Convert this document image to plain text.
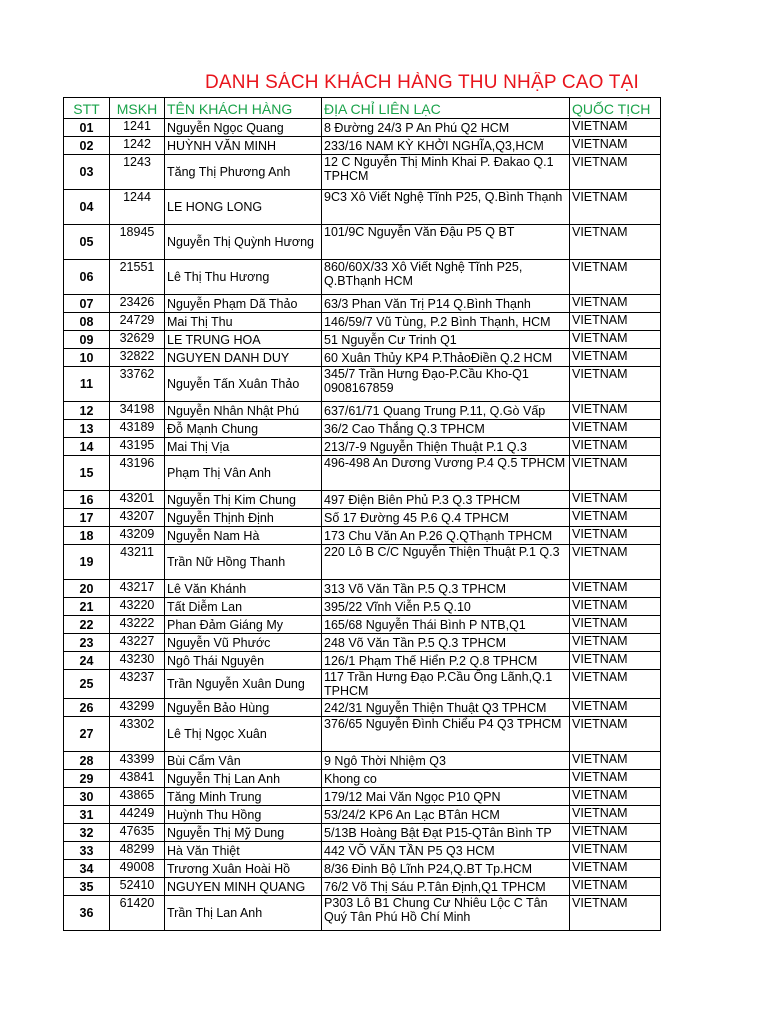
DANH SÁCH KHÁCH HÀNG THU NHẬP CAO TẠI
STT	MSKH	TÊN KHÁCH HÀNG	ĐỊA CHỈ LIÊN LẠC	QUỐC TỊCH
01	1241	Nguyễn Ngọc Quang	8 Đường 24/3 P An Phú Q2 HCM	VIETNAM
02	1242	HUỲNH VĂN MINH	233/16 NAM KỲ KHỞI NGHĨA,Q3,HCM	VIETNAM
03	1243	Tăng Thị Phương Anh	12 C Nguyễn Thị Minh Khai P. Đakao Q.1 TPHCM	VIETNAM
04	1244	LE HONG LONG	9C3 Xô Viết Nghệ Tĩnh P25, Q.Bình Thạnh	VIETNAM
05	18945	Nguyễn Thị Quỳnh Hương	101/9C Nguyễn Văn Đậu P5 Q BT	VIETNAM
06	21551	Lê Thị Thu Hương	860/60X/33 Xô Viết Nghệ Tĩnh P25, Q.BThạnh HCM	VIETNAM
07	23426	Nguyễn Phạm Dã Thảo	63/3 Phan Văn Trị P14 Q.Bình Thạnh	VIETNAM
08	24729	Mai Thị Thu	146/59/7 Vũ Tùng, P.2 Bình Thạnh, HCM	VIETNAM
09	32629	LE TRUNG HOA	51 Nguyễn Cư Trinh Q1	VIETNAM
10	32822	NGUYEN DANH DUY	60 Xuân Thủy KP4 P.ThảoĐiền Q.2 HCM	VIETNAM
11	33762	Nguyễn Tấn Xuân Thảo	345/7 Trần Hưng Đạo-P.Cầu Kho-Q1 0908167859	VIETNAM
12	34198	Nguyễn Nhân Nhật Phú	637/61/71 Quang Trung P.11, Q.Gò Vấp	VIETNAM
13	43189	Đỗ Mạnh Chung	36/2 Cao Thắng Q.3 TPHCM	VIETNAM
14	43195	Mai Thị Vịa	213/7-9 Nguyễn Thiện Thuật P.1 Q.3	VIETNAM
15	43196	Phạm Thị Vân Anh	496-498 An Dương Vương P.4 Q.5 TPHCM	VIETNAM
16	43201	Nguyễn Thị Kim Chung	497 Điện Biên Phủ P.3 Q.3 TPHCM	VIETNAM
17	43207	Nguyễn Thịnh Định	Số 17 Đường 45 P.6 Q.4 TPHCM	VIETNAM
18	43209	Nguyễn Nam Hà	173 Chu Văn An P.26 Q.QThạnh TPHCM	VIETNAM
19	43211	Trần Nữ Hồng Thanh	220 Lô B C/C Nguyễn Thiện Thuật P.1 Q.3	VIETNAM
20	43217	Lê Văn Khánh	313 Võ Văn Tần P.5 Q.3 TPHCM	VIETNAM
21	43220	Tất Diễm Lan	395/22 Vĩnh Viễn P.5 Q.10	VIETNAM
22	43222	Phan Đảm Giáng My	165/68 Nguyễn Thái Bình P NTB,Q1	VIETNAM
23	43227	Nguyễn Vũ Phước	248 Võ Văn Tần P.5 Q.3 TPHCM	VIETNAM
24	43230	Ngô Thái Nguyên	126/1 Phạm Thế Hiển P.2 Q.8 TPHCM	VIETNAM
25	43237	Trần Nguyễn Xuân Dung	117 Trần Hưng Đạo P.Cầu Ông Lãnh,Q.1 TPHCM	VIETNAM
26	43299	Nguyễn Bảo Hùng	242/31 Nguyễn Thiện Thuật Q3 TPHCM	VIETNAM
27	43302	Lê Thị Ngọc Xuân	376/65 Nguyễn Đình Chiểu P4 Q3 TPHCM	VIETNAM
28	43399	Bùi Cẩm Vân	9 Ngô Thời Nhiệm Q3	VIETNAM
29	43841	Nguyễn Thị Lan Anh	Khong co	VIETNAM
30	43865	Tăng Minh Trung	179/12 Mai Văn Ngọc P10 QPN	VIETNAM
31	44249	Huỳnh Thu Hồng	53/24/2 KP6 An Lạc BTân HCM	VIETNAM
32	47635	Nguyễn Thị Mỹ Dung	5/13B Hoàng Bật Đạt P15-QTân Bình TP	VIETNAM
33	48299	Hà Văn Thiệt	442 VÕ VĂN TẦN P5 Q3 HCM	VIETNAM
34	49008	Trương Xuân Hoài Hồ	8/36 Đinh Bộ Lĩnh P24,Q.BT Tp.HCM	VIETNAM
35	52410	NGUYEN MINH QUANG	76/2 Võ Thị Sáu P.Tân Định,Q1 TPHCM	VIETNAM
36	61420	Trần Thị Lan Anh	P303 Lô B1 Chung Cư Nhiêu Lộc C Tân Quý Tân Phú Hồ Chí Minh	VIETNAM
